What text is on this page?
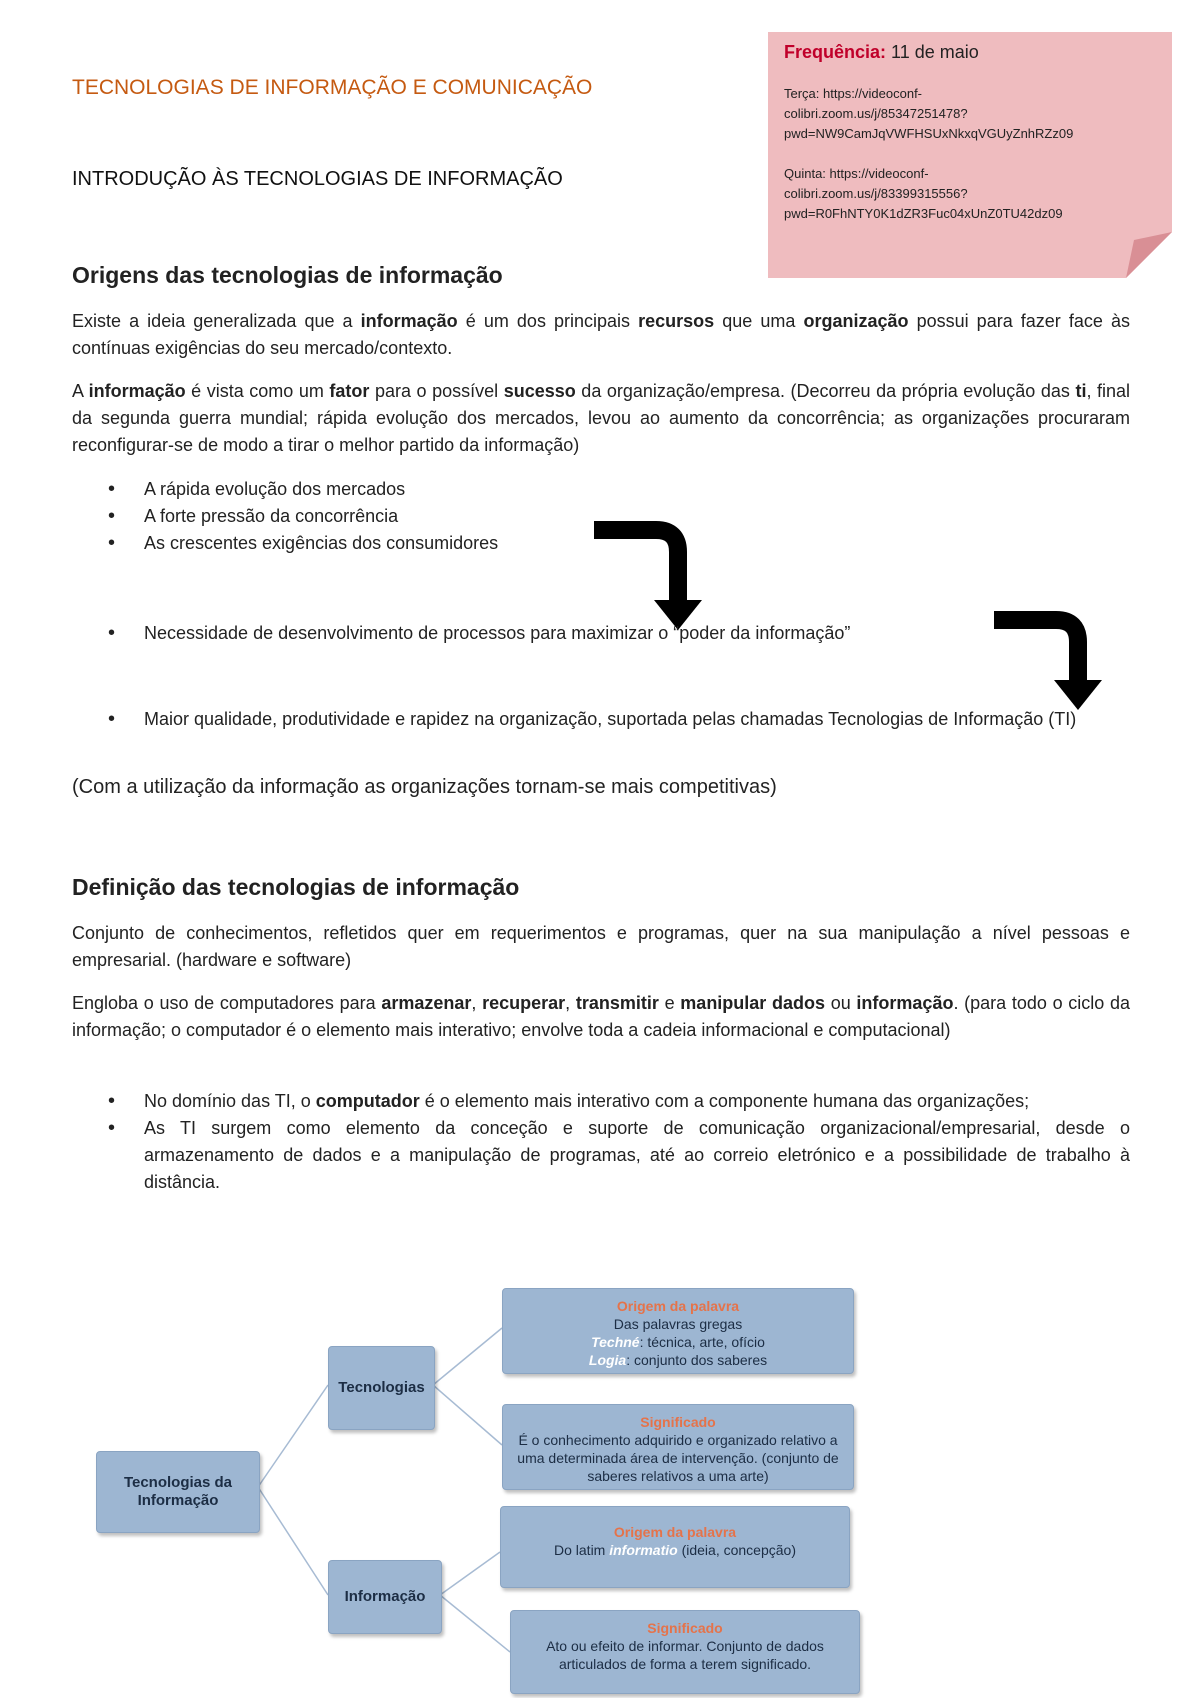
TECNOLOGIAS DE INFORMAÇÃO E COMUNICAÇÃO
INTRODUÇÃO ÀS TECNOLOGIAS DE INFORMAÇÃO
Frequência: 11 de maio
Terça: https://videoconf-
colibri.zoom.us/j/85347251478?
pwd=NW9CamJqVWFHSUxNkxqVGUyZnhRZz09
Quinta: https://videoconf-
colibri.zoom.us/j/83399315556?
pwd=R0FhNTY0K1dZR3Fuc04xUnZ0TU42dz09
Origens das tecnologias de informação
Existe a ideia generalizada que a informação é um dos principais recursos que uma organização possui para fazer face às contínuas exigências do seu mercado/contexto.
A informação é vista como um fator para o possível sucesso da organização/empresa. (Decorreu da própria evolução das ti, final da segunda guerra mundial; rápida evolução dos mercados, levou ao aumento da concorrência; as organizações procuraram reconfigurar-se de modo a tirar o melhor partido da informação)
• A rápida evolução dos mercados
• A forte pressão da concorrência
• As crescentes exigências dos consumidores
• Necessidade de desenvolvimento de processos para maximizar o “poder da informação”
• Maior qualidade, produtividade e rapidez na organização, suportada pelas chamadas Tecnologias de Informação (TI)
(Com a utilização da informação as organizações tornam-se mais competitivas)
Definição das tecnologias de informação
Conjunto de conhecimentos, refletidos quer em requerimentos e programas, quer na sua manipulação a nível pessoas e empresarial. (hardware e software)
Engloba o uso de computadores para armazenar, recuperar, transmitir e manipular dados ou informação. (para todo o ciclo da informação; o computador é o elemento mais interativo; envolve toda a cadeia informacional e computacional)
• No domínio das TI, o computador é o elemento mais interativo com a componente humana das organizações;
• As TI surgem como elemento da conceção e suporte de comunicação organizacional/empresarial, desde o armazenamento de dados e a manipulação de programas, até ao correio eletrónico e a possibilidade de trabalho à distância.
Tecnologias da Informação
Tecnologias
Informação
Origem da palavra
Das palavras gregas
Techné: técnica, arte, ofício
Logia: conjunto dos saberes
Significado
É o conhecimento adquirido e organizado relativo a uma determinada área de intervenção. (conjunto de saberes relativos a uma arte)
Origem da palavra
Do latim informatio (ideia, concepção)
Significado
Ato ou efeito de informar. Conjunto de dados articulados de forma a terem significado.
